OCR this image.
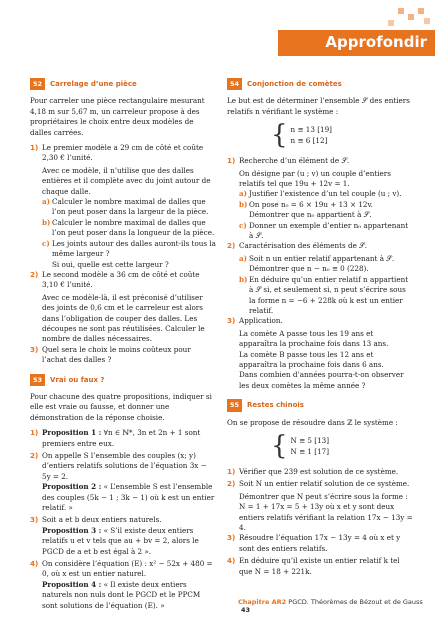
Approfondir
52	Carrelage d’une pièce

Pour carreler une pièce rectangulaire mesurant 4,18 m sur 5,67 m, un carreleur propose à des propriétaires le choix entre deux modèles de dalles carrées.

1) Le premier modèle a 29 cm de côté et coûte 2,30 € l’unité.
Avec ce modèle, il n’utilise que des dalles entières et il complète avec du joint autour de chaque dalle.
a) Calculer le nombre maximal de dalles que l’on peut poser dans la largeur de la pièce.
b) Calculer le nombre maximal de dalles que l’on peut poser dans la longueur de la pièce.
c) Les joints autour des dalles auront-ils tous la même largeur ?
Si oui, quelle est cette largeur ?
2) Le second modèle a 36 cm de côté et coûte 3,10 € l’unité.
Avec ce modèle-là, il est préconisé d’utiliser des joints de 0,6 cm et le carreleur est alors dans l’obligation de couper des dalles. Les découpes ne sont pas réutilisées. Calculer le nombre de dalles nécessaires.
3) Quel sera le choix le moins coûteux pour l’achat des dalles ?
53	Vrai ou faux ?

Pour chacune des quatre propositions, indiquer si elle est vraie ou fausse, et donner une démonstration de la réponse choisie.

1) Proposition 1 : ∀n ∈ ℕ*, 3n et 2n + 1 sont premiers entre eux.
2) On appelle S l’ensemble des couples (x; y) d’entiers relatifs solutions de l’équation 3x − 5y = 2.
Proposition 2 : « L’ensemble S est l’ensemble des couples (5k − 1 ; 3k − 1) où k est un entier relatif. »
3) Soit a et b deux entiers naturels.
Proposition 3 : « S’il existe deux entiers relatifs u et v tels que au + bv = 2, alors le PGCD de a et b est égal à 2 ».
4) On considère l’équation (E) : x² − 52x + 480 = 0, où x est un entier naturel.
Proposition 4 : « Il existe deux entiers naturels non nuls dont le PGCD et le PPCM sont solutions de l’équation (E). »
54	Conjonction de comètes

Le but est de déterminer l’ensemble 𝒮 des entiers relatifs n vérifiant le système :

{ n ≡ 13 [19]
n ≡ 6 [12]
1) Recherche d’un élément de 𝒮.
On désigne par (u ; v) un couple d’entiers relatifs tel que 19u + 12v = 1.
a) Justifier l’existence d’un tel couple (u ; v).
b) On pose n₀ = 6 × 19u + 13 × 12v.
Démontrer que n₀ appartient à 𝒮.
c) Donner un exemple d’entier n₀ appartenant à 𝒮.
2) Caractérisation des éléments de 𝒮.
a) Soit n un entier relatif appartenant à 𝒮.
Démontrer que n − n₀ ≡ 0 (228).
b) En déduire qu’un entier relatif n appartient à 𝒮 si, et seulement si, n peut s’écrire sous la forme n = −6 + 228k où k est un entier relatif.
3) Application.
La comète A passe tous les 19 ans et apparaîtra la prochaine fois dans 13 ans.
La comète B passe tous les 12 ans et apparaîtra la prochaine fois dans 6 ans.
Dans combien d’années pourra-t-on observer les deux comètes la même année ?
55	Restes chinois

On se propose de résoudre dans ℤ le système :

{ N ≡ 5 [13]
N ≡ 1 [17]
1) Vérifier que 239 est solution de ce système.
2) Soit N un entier relatif solution de ce système.
Démontrer que N peut s’écrire sous la forme : N = 1 + 17x = 5 + 13y où x et y sont deux entiers relatifs vérifiant la relation 17x − 13y = 4.
3) Résoudre l’équation 17x − 13y = 4 où x et y sont des entiers relatifs.
4) En déduire qu’il existe un entier relatif k tel que N = 18 + 221k.
Chapitre AR2 PGCD. Théorèmes de Bézout et de Gauss 43
